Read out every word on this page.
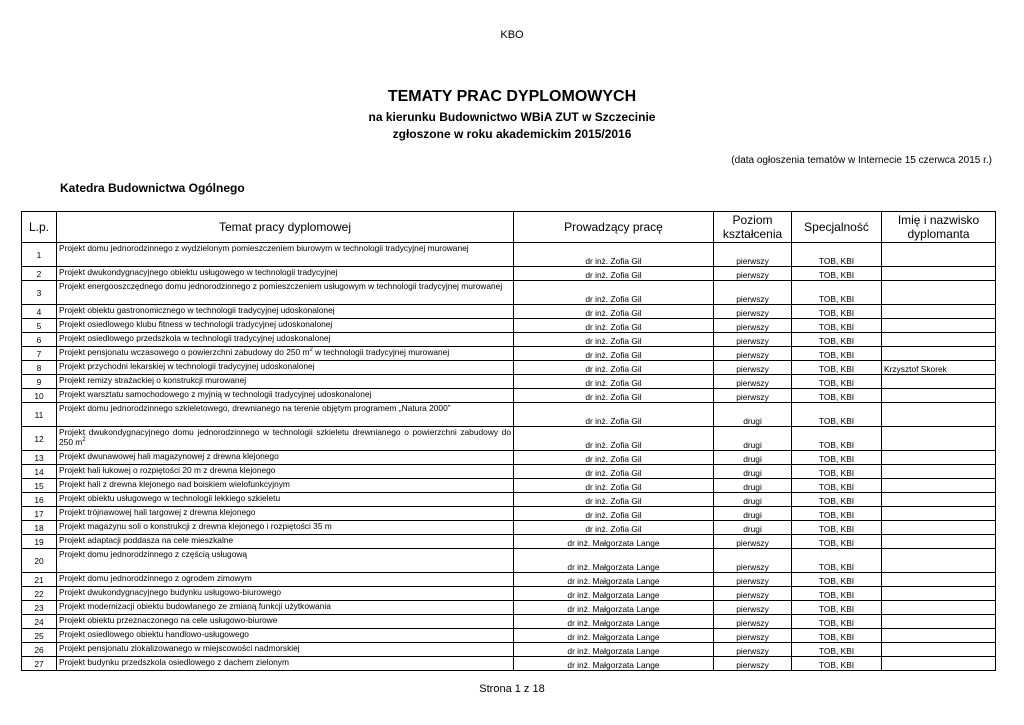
KBO
TEMATY PRAC DYPLOMOWYCH
na kierunku Budownictwo WBiA ZUT w Szczecinie
zgłoszone w roku akademickim 2015/2016
(data ogłoszenia tematów w Internecie 15 czerwca 2015 r.)
Katedra Budownictwa Ogólnego
L.p.	Temat pracy dyplomowej	Prowadzący pracę	Poziom kształcenia	Specjalność	Imię i nazwisko dyplomanta
1	Projekt domu jednorodzinnego z wydzielonym pomieszczeniem biurowym w technologii tradycyjnej murowanej	dr inż. Zofia Gil	pierwszy	TOB, KBI	
2	Projekt dwukondygnacyjnego obiektu usługowego w technologii tradycyjnej	dr inż. Zofia Gil	pierwszy	TOB, KBI	
3	Projekt energooszczędnego domu jednorodzinnego z pomieszczeniem usługowym w technologii tradycyjnej murowanej	dr inż. Zofia Gil	pierwszy	TOB, KBI	
4	Projekt obiektu gastronomicznego w technologii tradycyjnej udoskonalonej	dr inż. Zofia Gil	pierwszy	TOB, KBI	
5	Projekt osiedlowego klubu fitness w technologii tradycyjnej udoskonalonej	dr inż. Zofia Gil	pierwszy	TOB, KBI	
6	Projekt osiedlowego przedszkola w technologii tradycyjnej udoskonalonej	dr inż. Zofia Gil	pierwszy	TOB, KBI	
7	Projekt pensjonatu wczasowego o powierzchni zabudowy do 250 $m^2$ w technologii tradycyjnej murowanej	dr inż. Zofia Gil	pierwszy	TOB, KBI	
8	Projekt przychodni lekarskiej w technologii tradycyjnej udoskonalonej	dr inż. Zofia Gil	pierwszy	TOB, KBI	Krzysztof Skorek
9	Projekt remizy strażackiej o konstrukcji murowanej	dr inż. Zofia Gil	pierwszy	TOB, KBI	
10	Projekt warsztatu samochodowego z myjnią w technologii tradycyjnej udoskonalonej	dr inż. Zofia Gil	pierwszy	TOB, KBI	
11	Projekt domu jednorodzinnego szkieletowego, drewnianego na terenie objętym programem „Natura 2000”	dr inż. Zofia Gil	drugi	TOB, KBI	
12	Projekt dwukondygnacyjnego domu jednorodzinnego w technologii szkieletu drewnianego o powierzchni zabudowy do 250 $m^2$	dr inż. Zofia Gil	drugi	TOB, KBI	
13	Projekt dwunawowej hali magazynowej z drewna klejonego	dr inż. Zofia Gil	drugi	TOB, KBI	
14	Projekt hali łukowej o rozpiętości 20 m z drewna klejonego	dr inż. Zofia Gil	drugi	TOB, KBI	
15	Projekt hali z drewna klejonego nad boiskiem wielofunkcyjnym	dr inż. Zofia Gil	drugi	TOB, KBI	
16	Projekt obiektu usługowego w technologii lekkiego szkieletu	dr inż. Zofia Gil	drugi	TOB, KBI	
17	Projekt trójnawowej hali targowej z drewna klejonego	dr inż. Zofia Gil	drugi	TOB, KBI	
18	Projekt magazynu soli o konstrukcji z drewna klejonego i rozpiętości 35 m	dr inż. Zofia Gil	drugi	TOB, KBI	
19	Projekt adaptacji poddasza na cele mieszkalne	dr inż. Małgorzata Lange	pierwszy	TOB, KBI	
20	Projekt domu jednorodzinnego z częścią usługową	dr inż. Małgorzata Lange	pierwszy	TOB, KBI	
21	Projekt domu jednorodzinnego z ogrodem zimowym	dr inż. Małgorzata Lange	pierwszy	TOB, KBI	
22	Projekt dwukondygnacyjnego budynku usługowo-biurowego	dr inż. Małgorzata Lange	pierwszy	TOB, KBI	
23	Projekt modernizacji obiektu budowlanego ze zmianą funkcji użytkowania	dr inż. Małgorzata Lange	pierwszy	TOB, KBI	
24	Projekt obiektu przeznaczonego na cele usługowo-biurowe	dr inż. Małgorzata Lange	pierwszy	TOB, KBI	
25	Projekt osiedlowego obiektu handlowo-usługowego	dr inż. Małgorzata Lange	pierwszy	TOB, KBI	
26	Projekt pensjonatu zlokalizowanego w miejscowości nadmorskiej	dr inż. Małgorzata Lange	pierwszy	TOB, KBI	
27	Projekt budynku przedszkola osiedlowego z dachem zielonym	dr inż. Małgorzata Lange	pierwszy	TOB, KBI	
Strona 1 z 18
